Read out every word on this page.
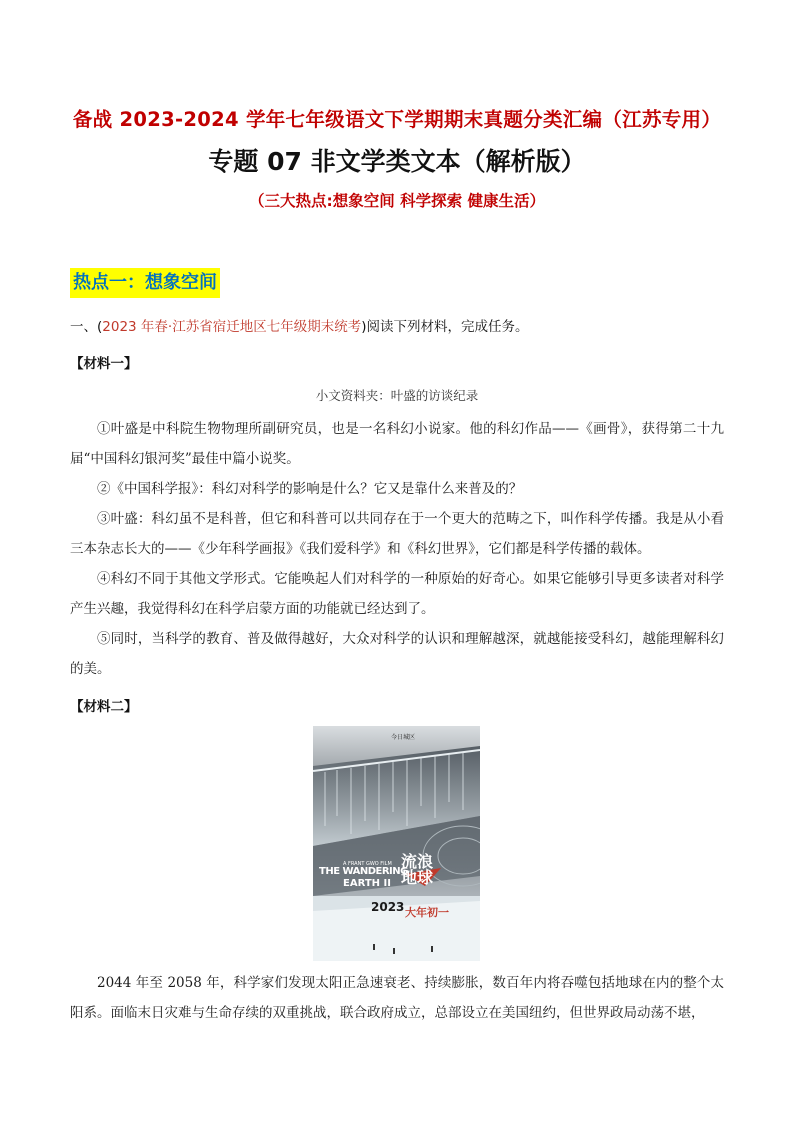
备战 2023-2024 学年七年级语文下学期期末真题分类汇编（江苏专用）
专题 07 非文学类文本（解析版）
（三大热点:想象空间 科学探索 健康生活）
热点一：想象空间
一、(2023 年春·江苏省宿迁地区七年级期末统考)阅读下列材料，完成任务。
【材料一】
小文资料夹：叶盛的访谈纪录

①叶盛是中科院生物物理所副研究员，也是一名科幻小说家。他的科幻作品——《画骨》，获得第二十九届“中国科幻银河奖”最佳中篇小说奖。

②《中国科学报》：科幻对科学的影响是什么？它又是靠什么来普及的？

③叶盛：科幻虽不是科普，但它和科普可以共同存在于一个更大的范畴之下，叫作科学传播。我是从小看三本杂志长大的——《少年科学画报》《我们爱科学》和《科幻世界》，它们都是科学传播的载体。

④科幻不同于其他文学形式。它能唤起人们对科学的一种原始的好奇心。如果它能够引导更多读者对科学产生兴趣，我觉得科幻在科学启蒙方面的功能就已经达到了。

⑤同时，当科学的教育、普及做得越好，大众对科学的认识和理解越深，就越能接受科幻，越能理解科幻的美。

【材料二】
今日城区
A FRANT GWO FILM
THE WANDERING
EARTH II
流浪地球
2023 大年初一

2044 年至 2058 年，科学家们发现太阳正急速衰老、持续膨胀，数百年内将吞噬包括地球在内的整个太阳系。面临末日灾难与生命存续的双重挑战，联合政府成立，总部设立在美国纽约，但世界政局动荡不堪，
